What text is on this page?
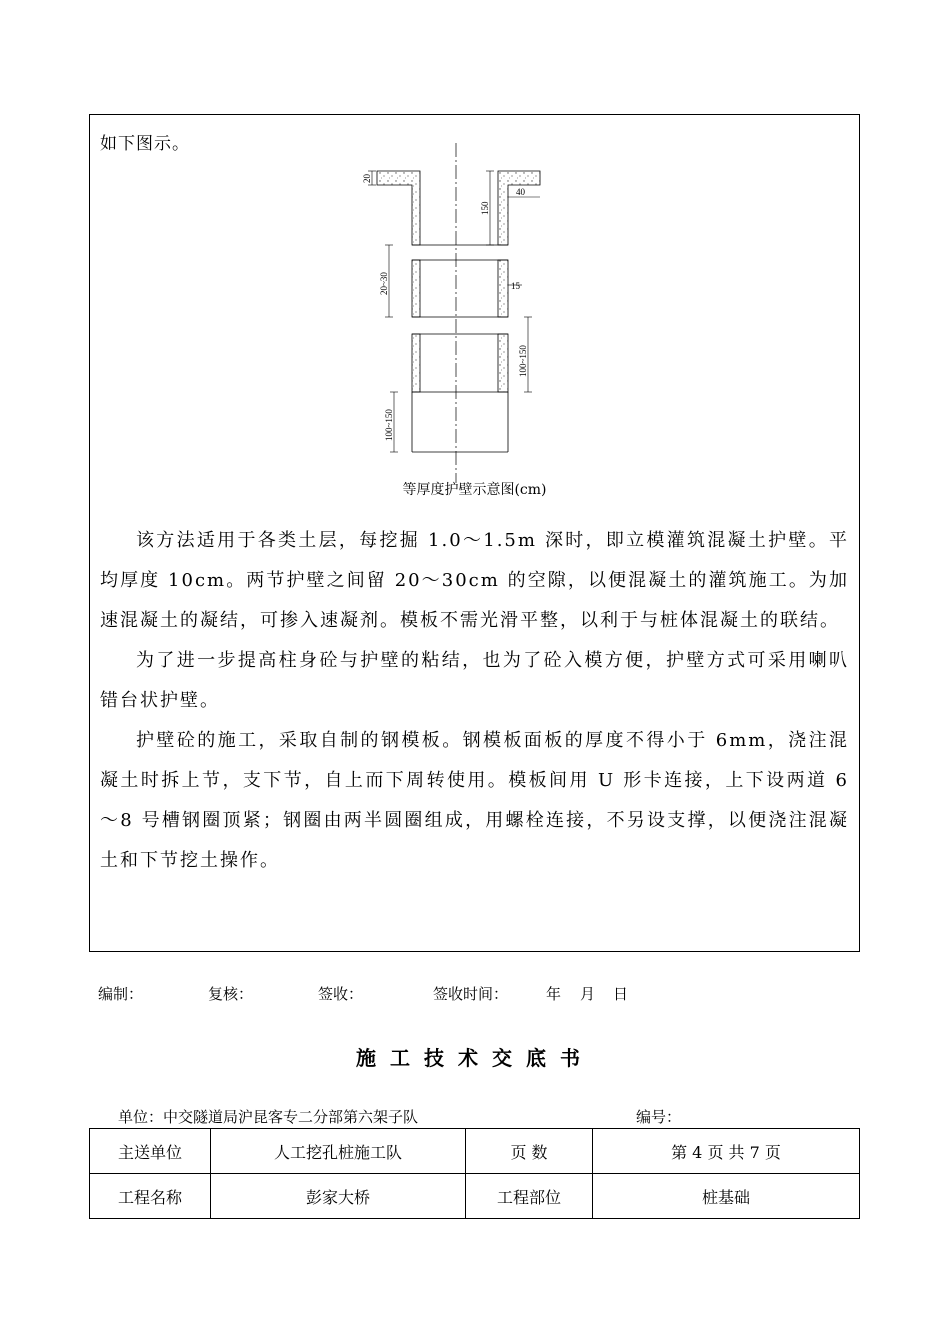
如下图示。
20
40
150
20~30	15
100~150
100~150
等厚度护壁示意图(cm)

该方法适用于各类土层，每挖掘 1.0～1.5m 深时，即立模灌筑混凝土护壁。平均厚度 10cm。两节护壁之间留 20～30cm 的空隙，以便混凝土的灌筑施工。为加速混凝土的凝结，可掺入速凝剂。模板不需光滑平整，以利于与桩体混凝土的联结。

为了进一步提高柱身砼与护壁的粘结，也为了砼入模方便，护壁方式可采用喇叭错台状护壁。

护壁砼的施工，采取自制的钢模板。钢模板面板的厚度不得小于 6mm，浇注混凝土时拆上节，支下节，自上而下周转使用。模板间用 U 形卡连接，上下设两道 6～8 号槽钢圈顶紧；钢圈由两半圆圈组成，用螺栓连接，不另设支撑，以便浇注混凝土和下节挖土操作。

编制：	复核：	签收：	签收时间：	年 月 日
施工技术交底书
单位：中交隧道局沪昆客专二分部第六架子队	编号：
主送单位	人工挖孔桩施工队	页 数	第 4 页 共 7 页
工程名称	彭家大桥	工程部位	桩基础
